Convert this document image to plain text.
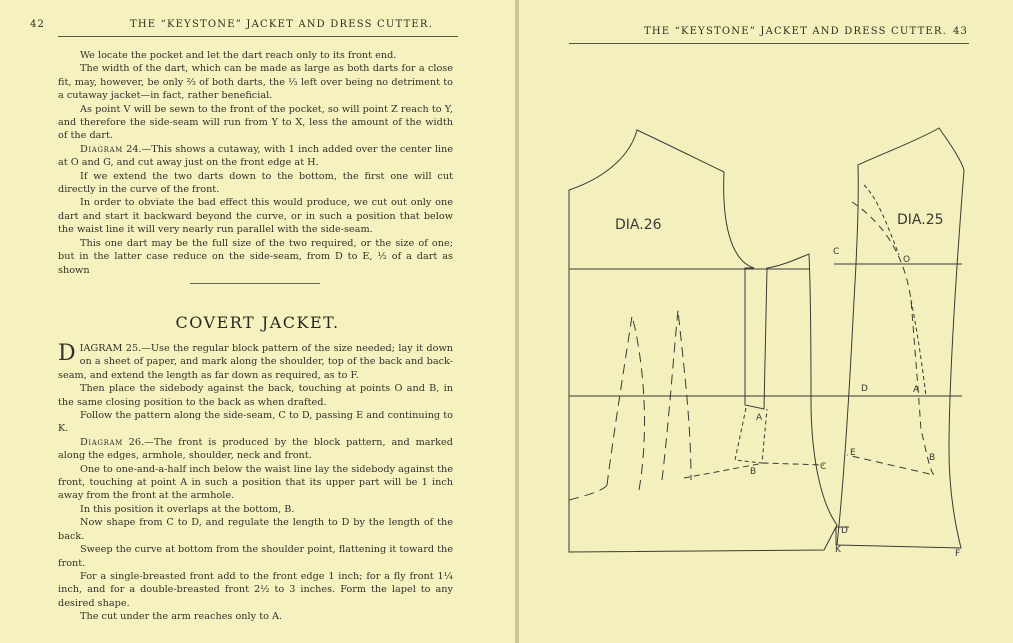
42	THE “KEYSTONE” JACKET AND DRESS CUTTER.

We locate the pocket and let the dart reach only to its front end.

The width of the dart, which can be made as large as both darts for a close fit, may, however, be only ⅔ of both darts, the ⅓ left over being no detriment to a cutaway jacket—in fact, rather beneficial.

As point V will be sewn to the front of the pocket, so will point Z reach to Y, and therefore the side-seam will run from Y to X, less the amount of the width of the dart.

Diagram 24.—This shows a cutaway, with 1 inch added over the center line at O and G, and cut away just on the front edge at H.

If we extend the two darts down to the bottom, the first one will cut directly in the curve of the front.

In order to obviate the bad effect this would produce, we cut out only one dart and start it backward beyond the curve, or in such a position that below the waist line it will very nearly run parallel with the side-seam.

This one dart may be the full size of the two required, or the size of one; but in the latter case reduce on the side-seam, from D to E, ½ of a dart as shown

COVERT JACKET.

DIAGRAM 25.—Use the regular block pattern of the size needed; lay it down on a sheet of paper, and mark along the shoulder, top of the back and back-seam, and extend the length as far down as required, as to F.

Then place the sidebody against the back, touching at points O and B, in the same closing position to the back as when drafted.

Follow the pattern along the side-seam, C to D, passing E and continuing to K.

Diagram 26.—The front is produced by the block pattern, and marked along the edges, armhole, shoulder, neck and front.

One to one-and-a-half inch below the waist line lay the sidebody against the front, touching at point A in such a position that its upper part will be 1 inch away from the front at the armhole.

In this position it overlaps at the bottom, B.

Now shape from C to D, and regulate the length to D by the length of the back.

Sweep the curve at bottom from the shoulder point, flattening it toward the front.

For a single-breasted front add to the front edge 1 inch; for a fly front 1¼ inch, and for a double-breasted front 2½ to 3 inches. Form the lapel to any desired shape.

The cut under the arm reaches only to A.

THE “KEYSTONE” JACKET AND DRESS CUTTER. 43
DIA.26	DIA.25
C
O
D	A
E	B
A
B	C
D
K	F
